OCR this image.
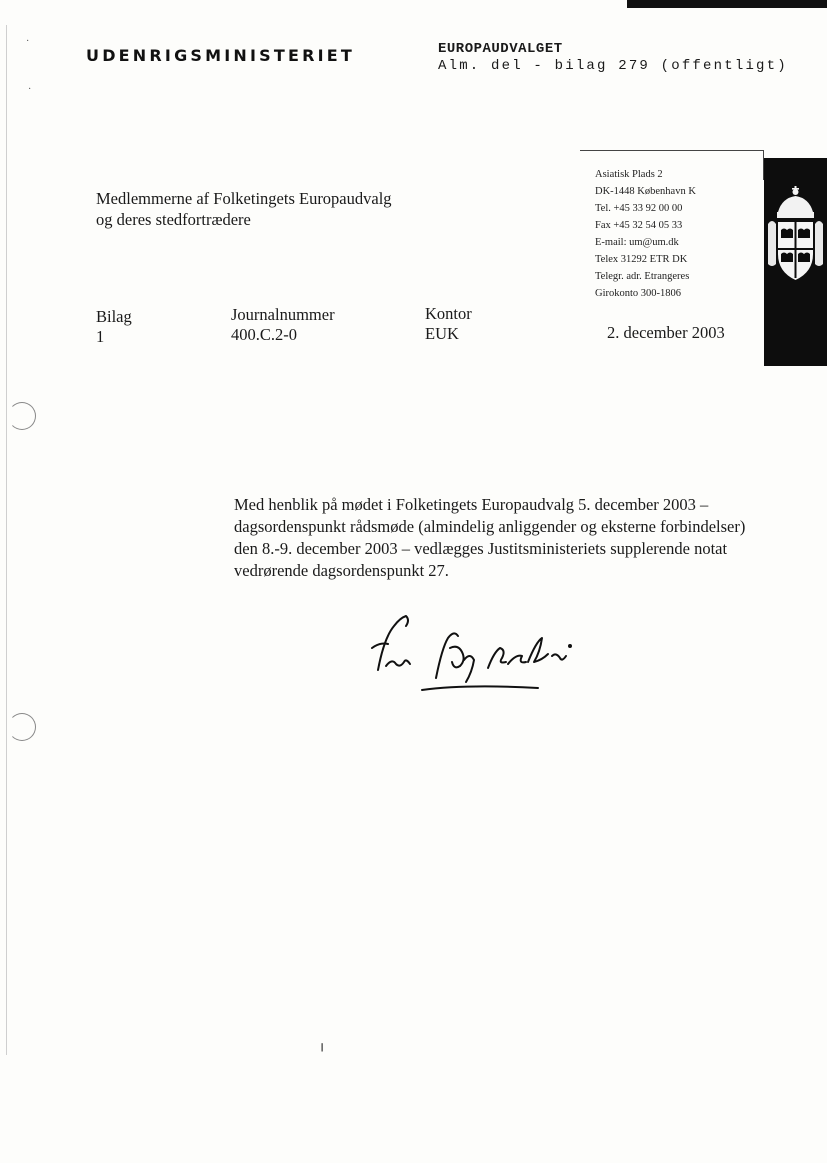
UDENRIGSMINISTERIET	EUROPAUDVALGET
Alm. del - bilag 279 (offentligt)
Medlemmerne af Folketingets Europaudvalg
og deres stedfortrædere
Asiatisk Plads 2
DK-1448 København K
Tel. +45 33 92 00 00
Fax +45 32 54 05 33
E-mail: um@um.dk
Telex 31292 ETR DK
Telegr. adr. Etrangeres
Girokonto 300-1806
Bilag
1
Journalnummer
400.C.2-0
Kontor
EUK	2. december 2003
Med henblik på mødet i Folketingets Europaudvalg 5. december 2003 –
dagsordenspunkt rådsmøde (almindelig anliggender og eksterne forbindelser)
den 8.-9. december 2003 – vedlægges Justitsministeriets supplerende notat
vedrørende dagsordenspunkt 27.
·
·
╷
